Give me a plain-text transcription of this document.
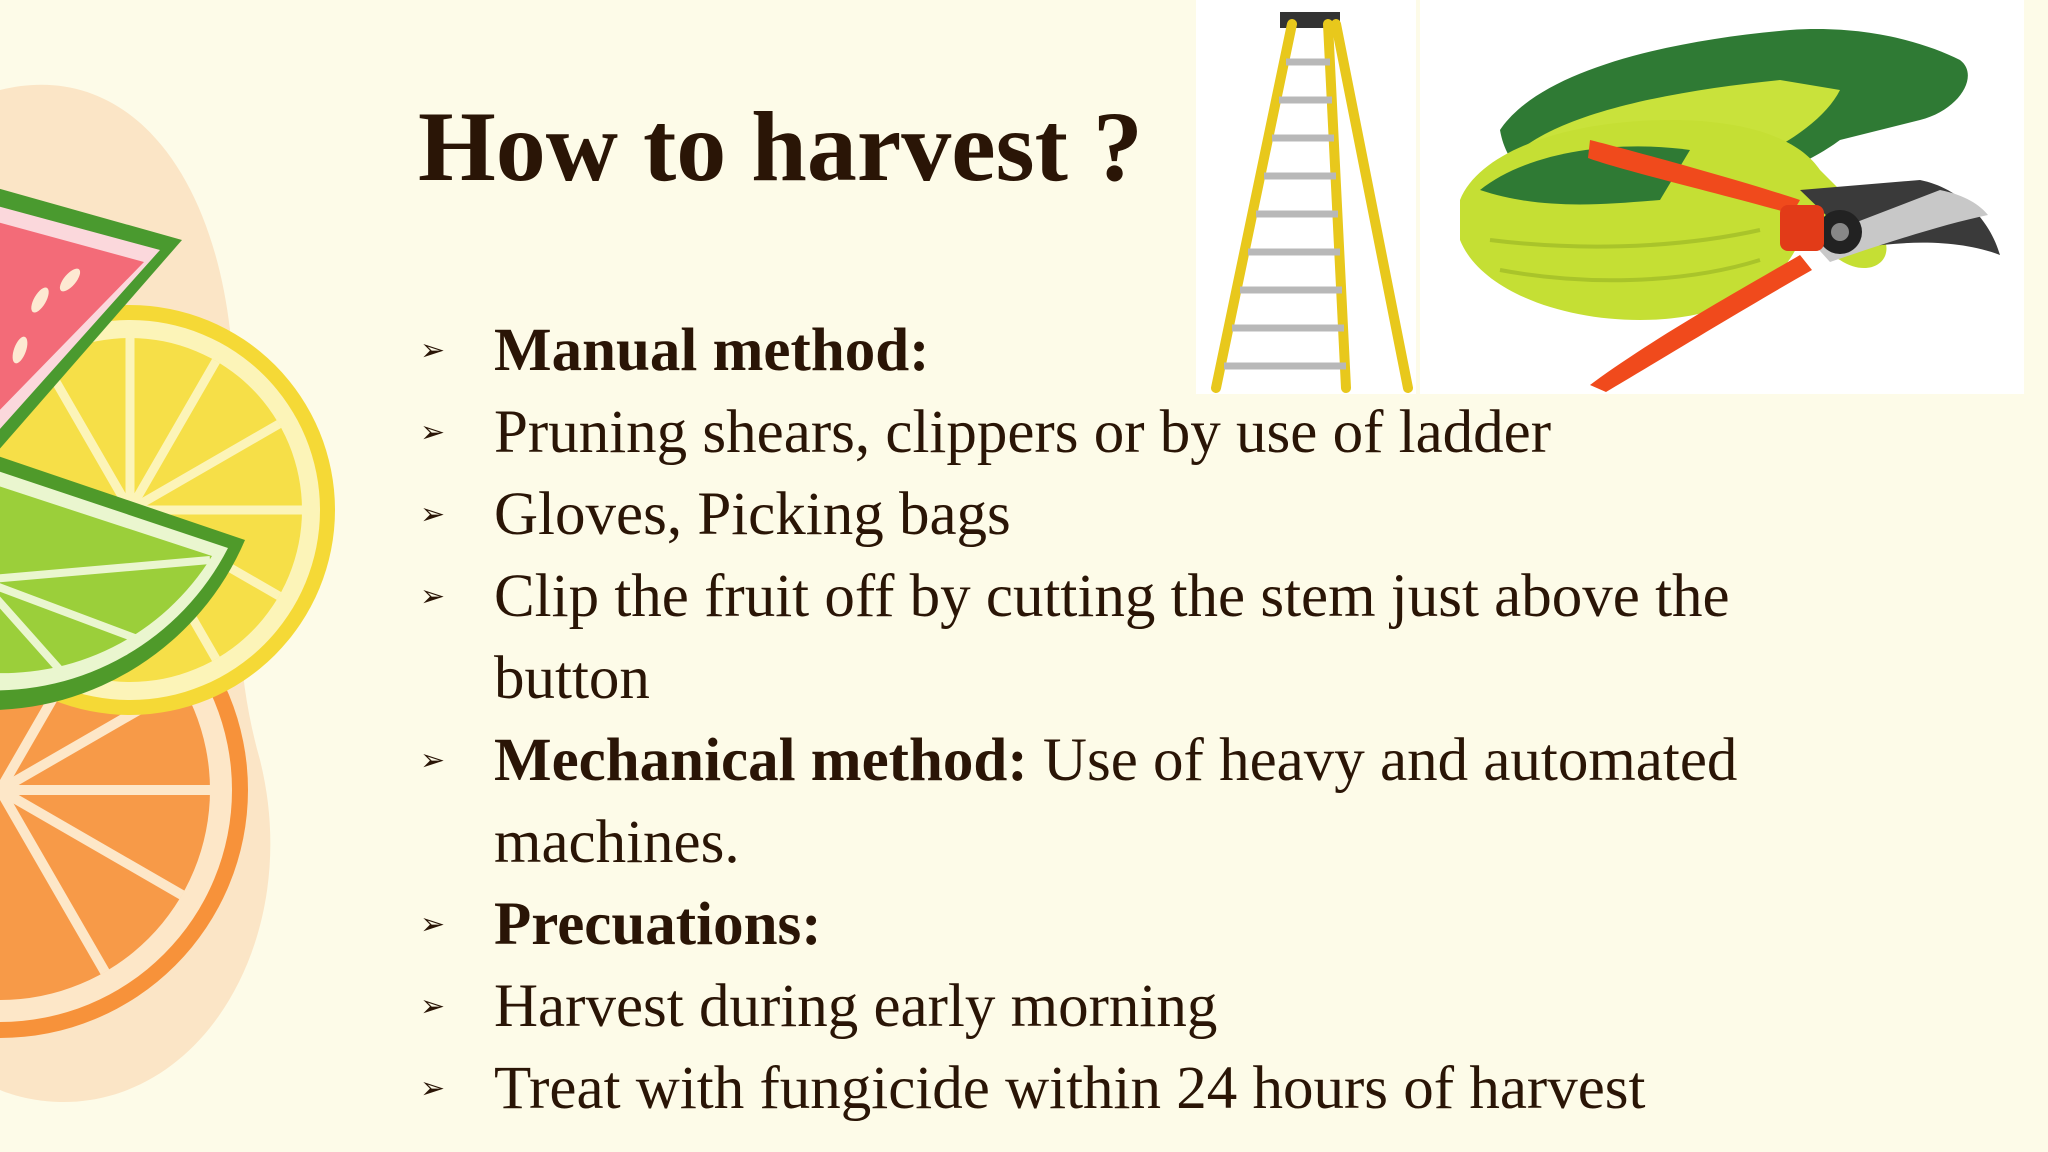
How to harvest ?
➢ Manual method:
➢ Pruning shears, clippers or by use of ladder
➢ Gloves, Picking bags
➢ Clip the fruit off by cutting the stem just above the button
➢ Mechanical method: Use of heavy and automated machines.
➢ Precuations:
➢ Harvest during early morning
➢ Treat with fungicide within 24 hours of harvest
